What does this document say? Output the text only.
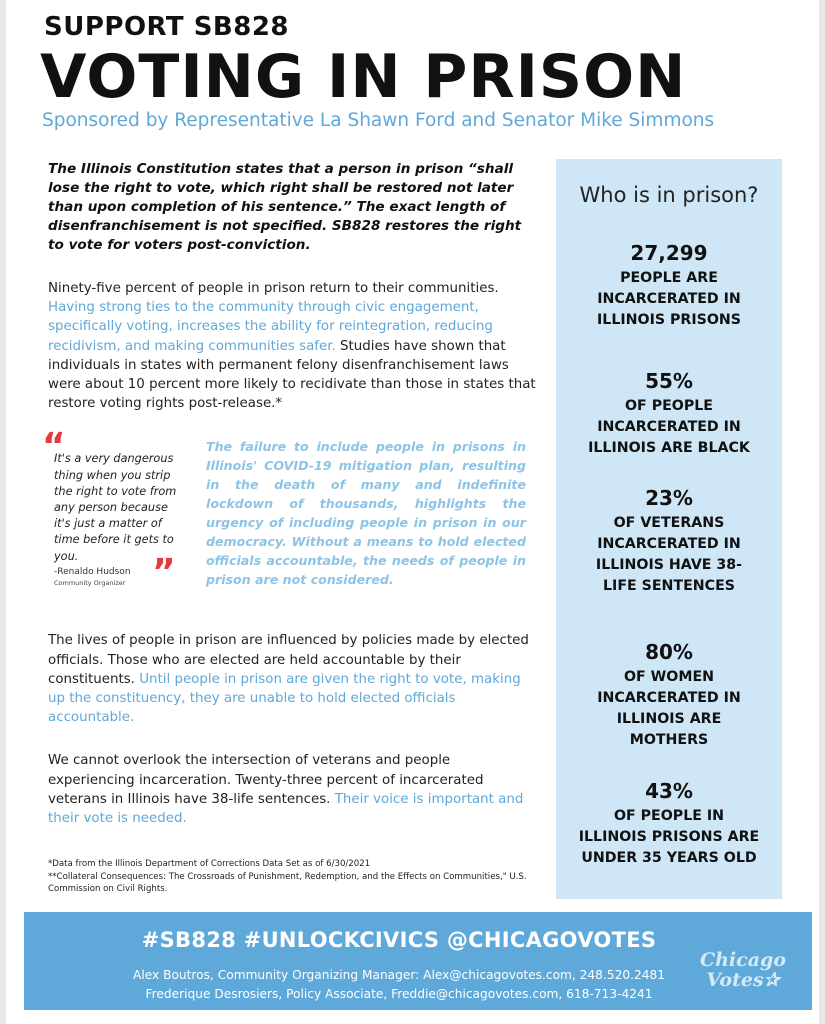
SUPPORT SB828
VOTING IN PRISON
Sponsored by Representative La Shawn Ford and Senator Mike Simmons

The Illinois Constitution states that a person in prison “shall lose the right to vote, which right shall be restored not later than upon completion of his sentence.” The exact length of disenfranchisement is not specified. SB828 restores the right to vote for voters post-conviction.

Ninety-five percent of people in prison return to their communities. Having strong ties to the community through civic engagement, specifically voting, increases the ability for reintegration, reducing recidivism, and making communities safer. Studies have shown that individuals in states with permanent felony disenfranchisement laws were about 10 percent more likely to recidivate than those in states that restore voting rights post-release.*

“

It's a very dangerous thing when you strip the right to vote from any person because it's just a matter of time before it gets to you.	”
-Renaldo Hudson
Community Organizer

The failure to include people in prisons in Illinois' COVID-19 mitigation plan, resulting in the death of many and indefinite lockdown of thousands, highlights the urgency of including people in prison in our democracy. Without a means to hold elected officials accountable, the needs of people in prison are not considered.

The lives of people in prison are influenced by policies made by elected officials. Those who are elected are held accountable by their constituents. Until people in prison are given the right to vote, making up the constituency, they are unable to hold elected officials accountable.

We cannot overlook the intersection of veterans and people experiencing incarceration. Twenty-three percent of incarcerated veterans in Illinois have 38-life sentences. Their voice is important and their vote is needed.

*Data from the Illinois Department of Corrections Data Set as of 6/30/2021
**Collateral Consequences: The Crossroads of Punishment, Redemption, and the Effects on Communities," U.S. Commission on Civil Rights.
Who is in prison?
27,299
PEOPLE ARE
INCARCERATED IN
ILLINOIS PRISONS
55%
OF PEOPLE
INCARCERATED IN
ILLINOIS ARE BLACK
23%
OF VETERANS
INCARCERATED IN
ILLINOIS HAVE 38-
LIFE SENTENCES
80%
OF WOMEN
INCARCERATED IN
ILLINOIS ARE
MOTHERS
43%
OF PEOPLE IN
ILLINOIS PRISONS ARE
UNDER 35 YEARS OLD
#SB828 #UNLOCKCIVICS @CHICAGOVOTES
Alex Boutros, Community Organizing Manager: Alex@chicagovotes.com, 248.520.2481
Frederique Desrosiers, Policy Associate, Freddie@chicagovotes.com, 618-713-4241
Chicago
Votes✰
